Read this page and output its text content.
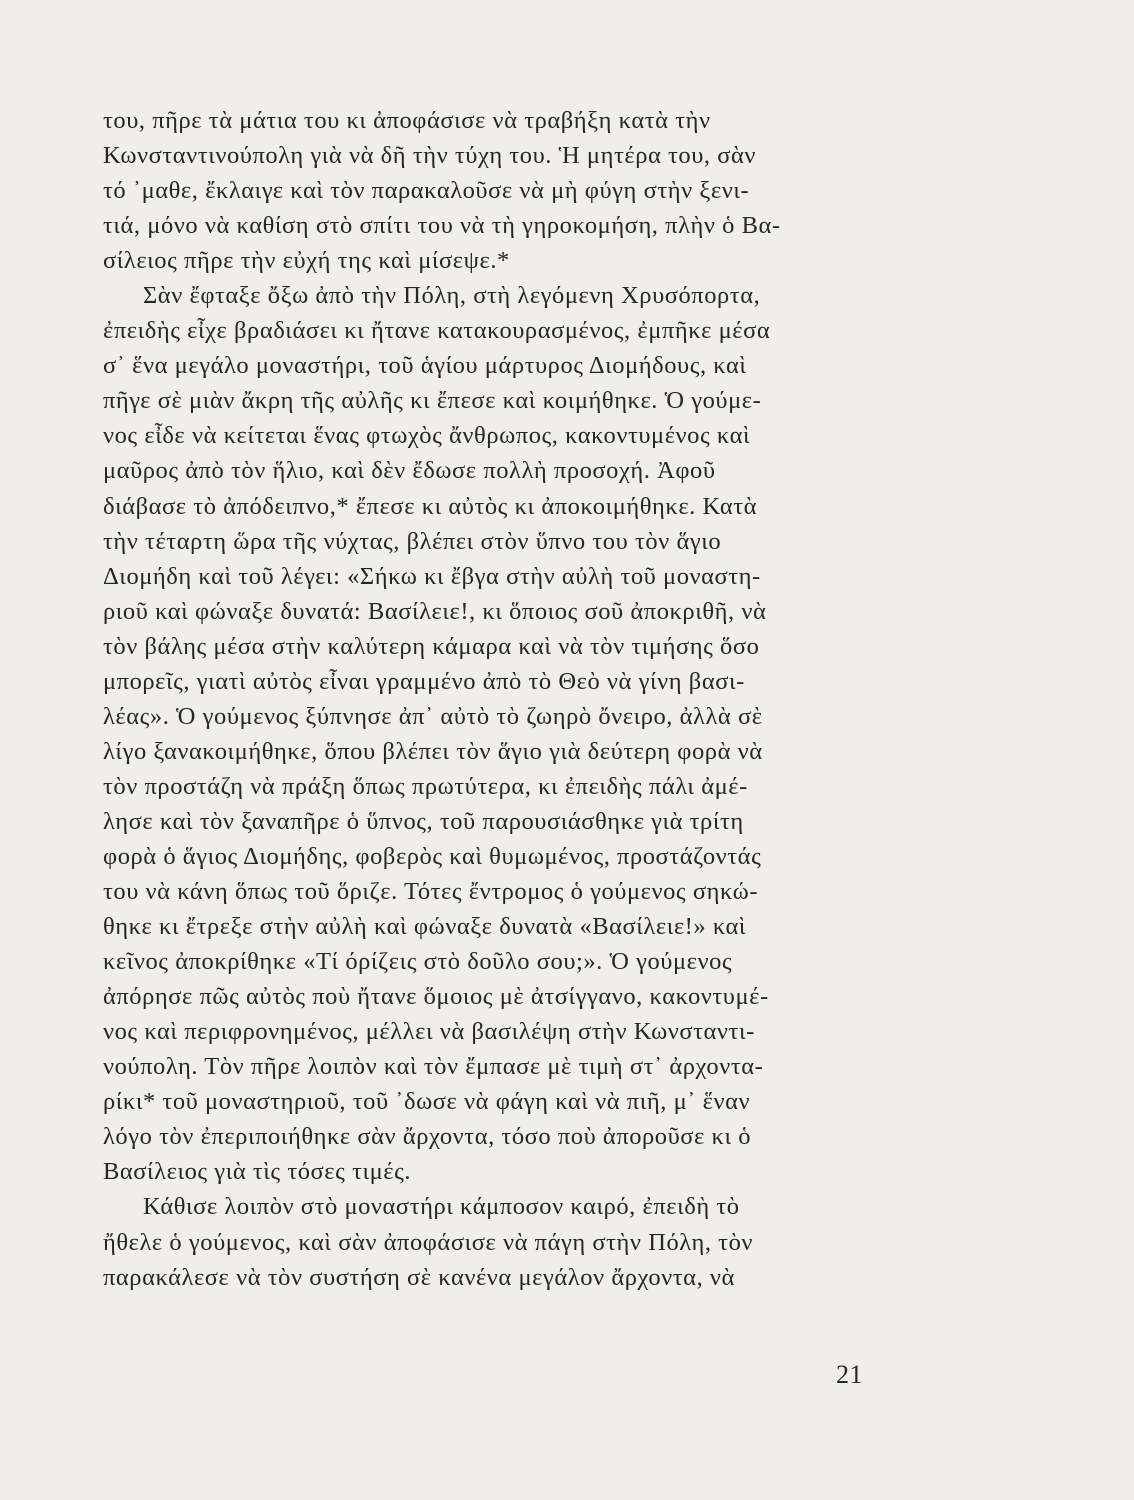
του, πῆρε τὰ μάτια του κι ἀποφάσισε νὰ τραβήξη κατὰ τὴν
Κωνσταντινούπολη γιὰ νὰ δῆ τὴν τύχη του. Ἡ μητέρα του, σὰν
τό ᾽μαθε, ἔκλαιγε καὶ τὸν παρακαλοῦσε νὰ μὴ φύγη στὴν ξενι-
τιά, μόνο νὰ καθίση στὸ σπίτι του νὰ τὴ γηροκομήση, πλὴν ὁ Βα-
σίλειος πῆρε τὴν εὐχή της καὶ μίσεψε.*
Σὰν ἔφταξε ὄξω ἀπὸ τὴν Πόλη, στὴ λεγόμενη Χρυσόπορτα,
ἐπειδὴς εἶχε βραδιάσει κι ἤτανε κατακουρασμένος, ἐμπῆκε μέσα
σ᾽ ἕνα μεγάλο μοναστήρι, τοῦ ἁγίου μάρτυρος Διομήδους, καὶ
πῆγε σὲ μιὰν ἄκρη τῆς αὐλῆς κι ἔπεσε καὶ κοιμήθηκε. Ὁ γούμε-
νος εἶδε νὰ κείτεται ἕνας φτωχὸς ἄνθρωπος, κακοντυμένος καὶ
μαῦρος ἀπὸ τὸν ἥλιο, καὶ δὲν ἔδωσε πολλὴ προσοχή. Ἀφοῦ
διάβασε τὸ ἀπόδειπνο,* ἔπεσε κι αὐτὸς κι ἀποκοιμήθηκε. Κατὰ
τὴν τέταρτη ὥρα τῆς νύχτας, βλέπει στὸν ὕπνο του τὸν ἅγιο
Διομήδη καὶ τοῦ λέγει: «Σήκω κι ἔβγα στὴν αὐλὴ τοῦ μοναστη-
ριοῦ καὶ φώναξε δυνατά: Βασίλειε!, κι ὅποιος σοῦ ἀποκριθῆ, νὰ
τὸν βάλης μέσα στὴν καλύτερη κάμαρα καὶ νὰ τὸν τιμήσης ὅσο
μπορεῖς, γιατὶ αὐτὸς εἶναι γραμμένο ἀπὸ τὸ Θεὸ νὰ γίνη βασι-
λέας». Ὁ γούμενος ξύπνησε ἀπ᾽ αὐτὸ τὸ ζωηρὸ ὄνειρο, ἀλλὰ σὲ
λίγο ξανακοιμήθηκε, ὅπου βλέπει τὸν ἅγιο γιὰ δεύτερη φορὰ νὰ
τὸν προστάζη νὰ πράξη ὅπως πρωτύτερα, κι ἐπειδὴς πάλι ἀμέ-
λησε καὶ τὸν ξαναπῆρε ὁ ὕπνος, τοῦ παρουσιάσθηκε γιὰ τρίτη
φορὰ ὁ ἅγιος Διομήδης, φοβερὸς καὶ θυμωμένος, προστάζοντάς
του νὰ κάνη ὅπως τοῦ ὅριζε. Τότες ἔντρομος ὁ γούμενος σηκώ-
θηκε κι ἔτρεξε στὴν αὐλὴ καὶ φώναξε δυνατὰ «Βασίλειε!» καὶ
κεῖνος ἀποκρίθηκε «Τί όρίζεις στὸ δοῦλο σου;». Ὁ γούμενος
ἀπόρησε πῶς αὐτὸς ποὺ ἤτανε ὅμοιος μὲ ἀτσίγγανο, κακοντυμέ-
νος καὶ περιφρονημένος, μέλλει νὰ βασιλέψη στὴν Κωνσταντι-
νούπολη. Τὸν πῆρε λοιπὸν καὶ τὸν ἔμπασε μὲ τιμὴ στ᾽ ἀρχοντα-
ρίκι* τοῦ μοναστηριοῦ, τοῦ ᾽δωσε νὰ φάγη καὶ νὰ πιῆ, μ᾽ ἕναν
λόγο τὸν ἐπεριποιήθηκε σὰν ἄρχοντα, τόσο ποὺ ἀποροῦσε κι ὁ
Βασίλειος γιὰ τὶς τόσες τιμές.
Κάθισε λοιπὸν στὸ μοναστήρι κάμποσον καιρό, ἐπειδὴ τὸ
ἤθελε ὁ γούμενος, καὶ σὰν ἀποφάσισε νὰ πάγη στὴν Πόλη, τὸν
παρακάλεσε νὰ τὸν συστήση σὲ κανένα μεγάλον ἄρχοντα, νὰ
21
